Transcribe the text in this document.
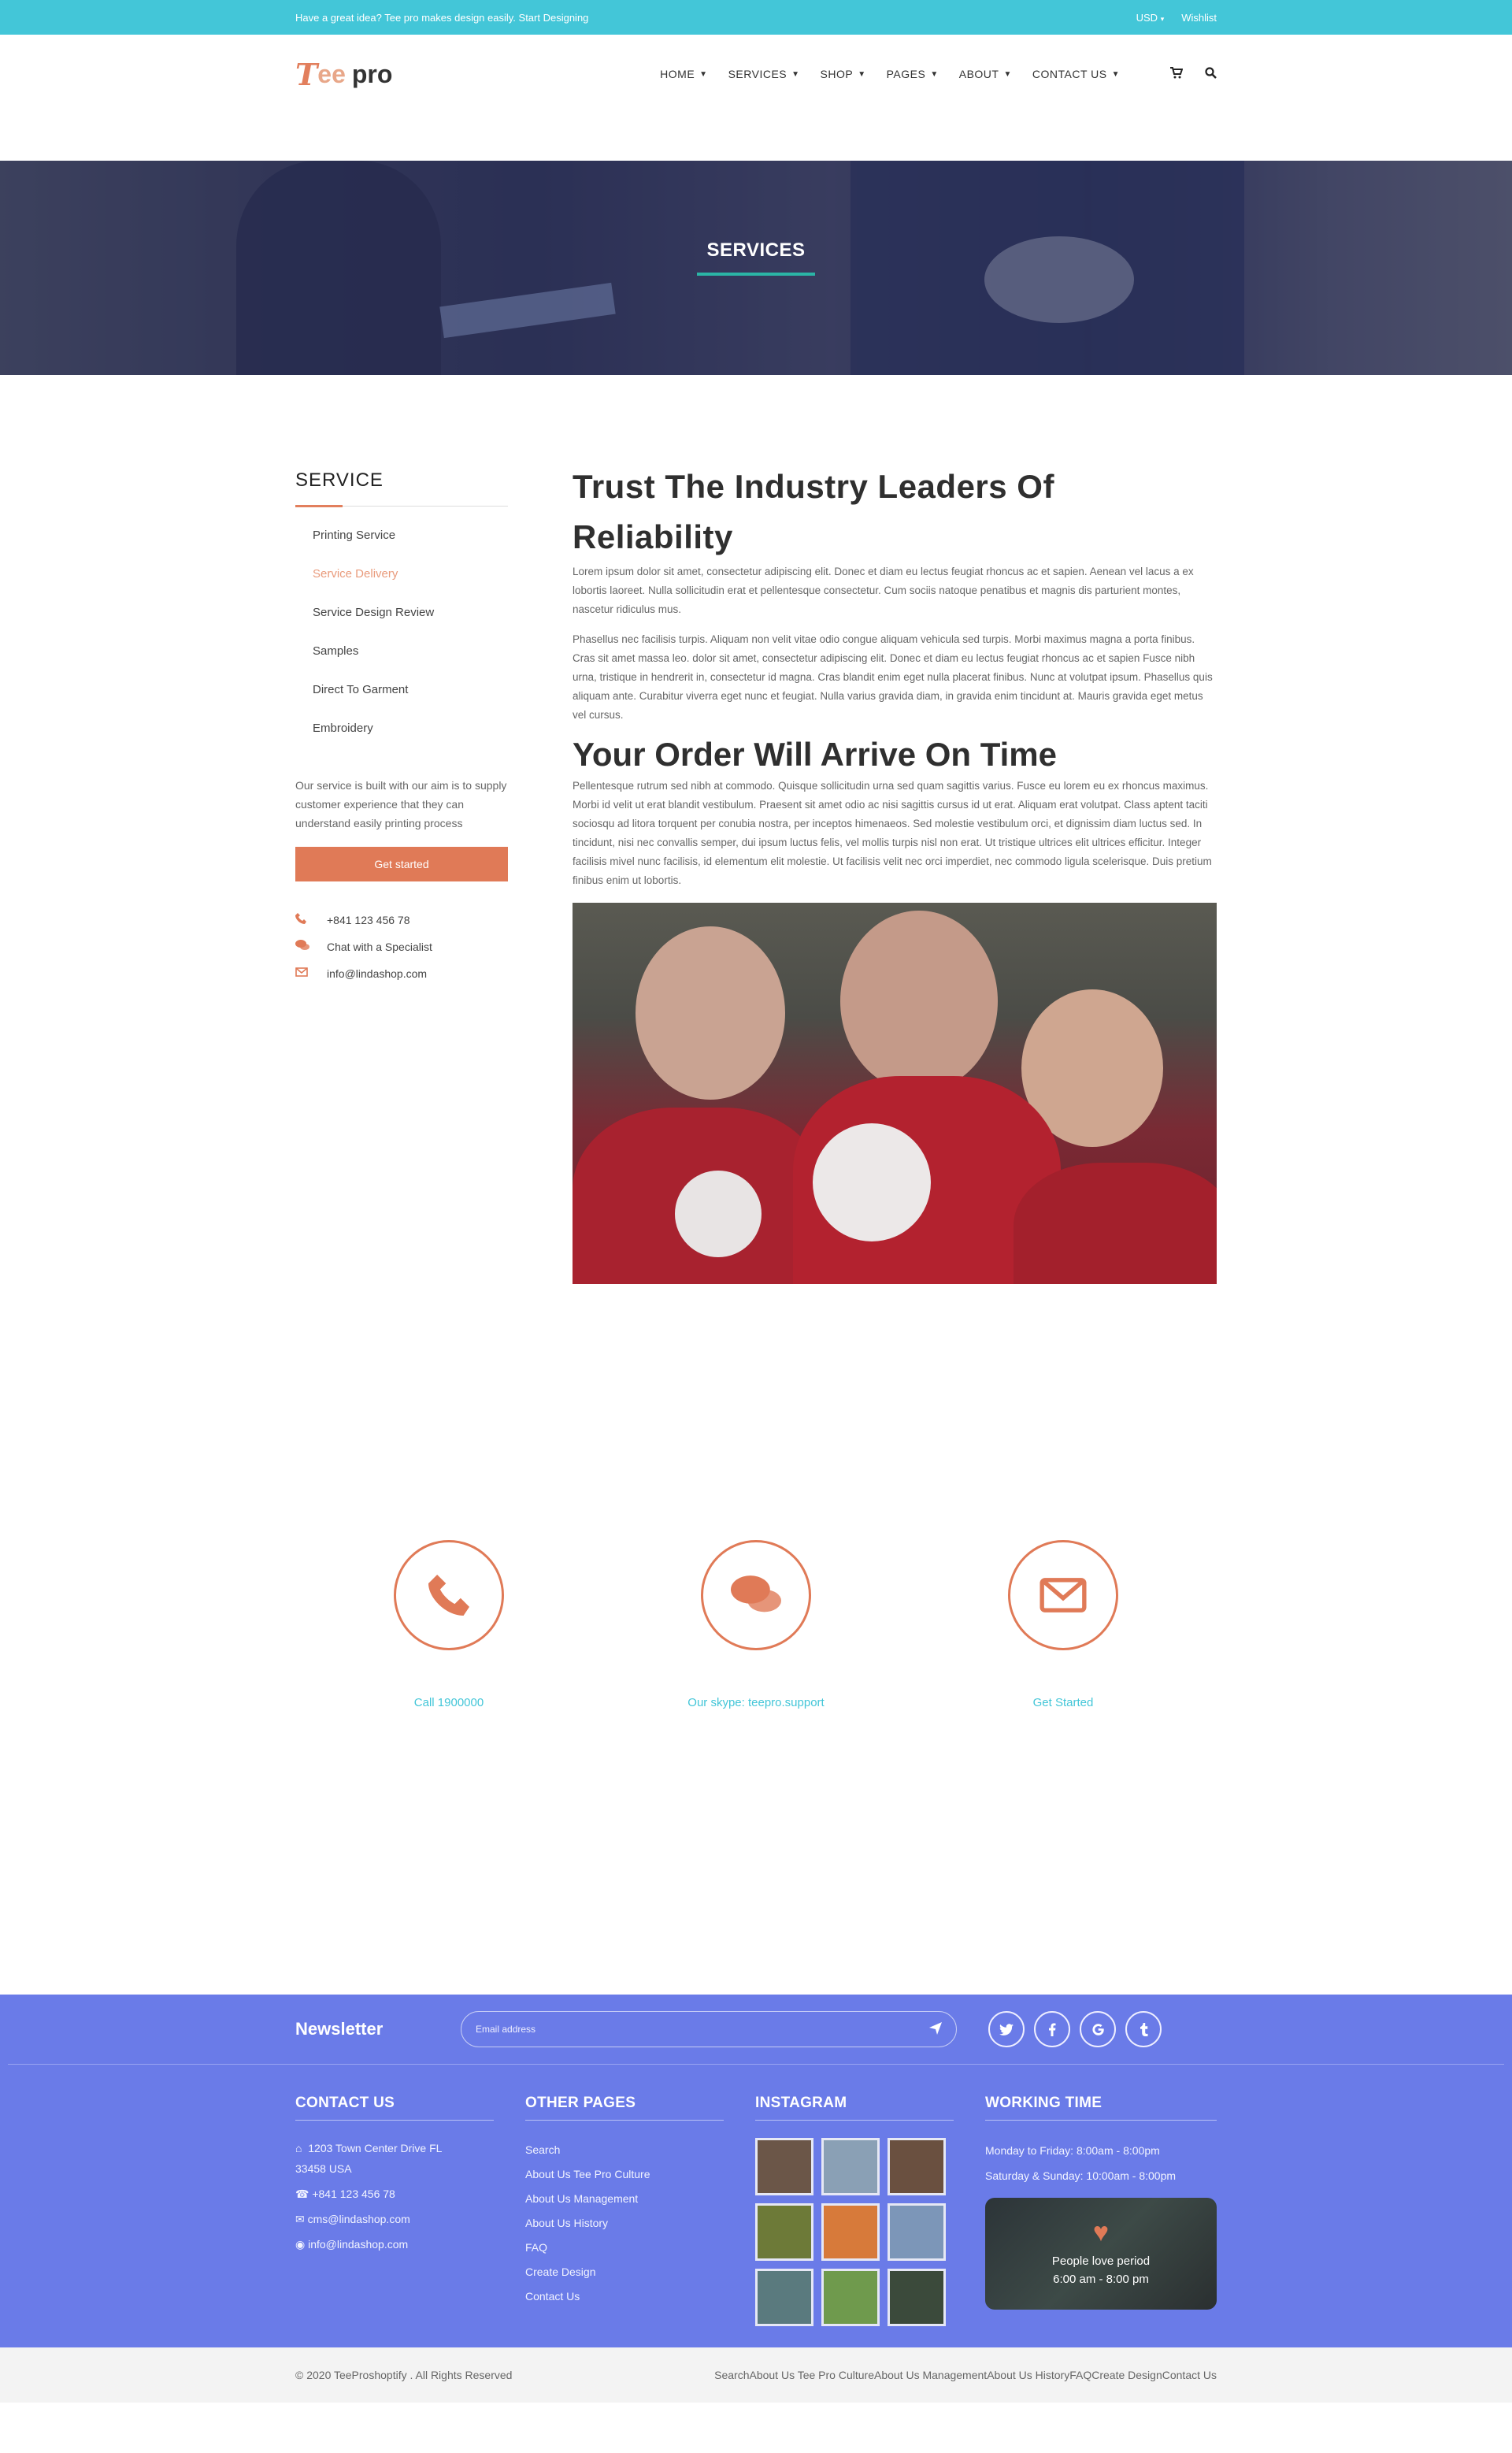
Have a great idea? Tee pro makes design easily. Start Designing	USD ▾ Wishlist
T ee pro	HOME ▼ SERVICES ▼ SHOP ▼ PAGES ▼ ABOUT ▼ CONTACT US ▼
SERVICES
SERVICE
Printing Service
Service Delivery
Service Design Review
Samples
Direct To Garment
Embroidery

Our service is built with our aim is to supply customer experience that they can understand easily printing process

Get started
+841 123 456 78
Chat with a Specialist
info@lindashop.com
Trust The Industry Leaders Of Reliability

Lorem ipsum dolor sit amet, consectetur adipiscing elit. Donec et diam eu lectus feugiat rhoncus ac et sapien. Aenean vel lacus a ex lobortis laoreet. Nulla sollicitudin erat et pellentesque consectetur. Cum sociis natoque penatibus et magnis dis parturient montes, nascetur ridiculus mus.

Phasellus nec facilisis turpis. Aliquam non velit vitae odio congue aliquam vehicula sed turpis. Morbi maximus magna a porta finibus. Cras sit amet massa leo. dolor sit amet, consectetur adipiscing elit. Donec et diam eu lectus feugiat rhoncus ac et sapien Fusce nibh urna, tristique in hendrerit in, consectetur id magna. Cras blandit enim eget nulla placerat finibus. Nunc at volutpat ipsum. Phasellus quis aliquam ante. Curabitur viverra eget nunc et feugiat. Nulla varius gravida diam, in gravida enim tincidunt at. Mauris gravida eget metus vel cursus.

Your Order Will Arrive On Time

Pellentesque rutrum sed nibh at commodo. Quisque sollicitudin urna sed quam sagittis varius. Fusce eu lorem eu ex rhoncus maximus. Morbi id velit ut erat blandit vestibulum. Praesent sit amet odio ac nisi sagittis cursus id ut erat. Aliquam erat volutpat. Class aptent taciti sociosqu ad litora torquent per conubia nostra, per inceptos himenaeos. Sed molestie vestibulum orci, et dignissim diam luctus sed. In tincidunt, nisi nec convallis semper, dui ipsum luctus felis, vel mollis turpis nisl non erat. Ut tristique ultrices elit ultrices efficitur. Integer facilisis mivel nunc facilisis, id elementum elit molestie. Ut facilisis velit nec orci imperdiet, nec commodo ligula scelerisque. Duis pretium finibus enim ut lobortis.

Call 1900000	Our skype: teepro.support	Get Started
Newsletter	Email address
CONTACT US
⌂ 1203 Town Center Drive FL
33458 USA
☎ +841 123 456 78
✉ cms@lindashop.com
◉ info@lindashop.com
OTHER PAGES
Search
About Us Tee Pro Culture
About Us Management
About Us History
FAQ
Create Design
Contact Us
INSTAGRAM	WORKING TIME
Monday to Friday: 8:00am - 8:00pm
Saturday & Sunday: 10:00am - 8:00pm
♥
People love period
6:00 am - 8:00 pm
© 2020 TeeProshoptify . All Rights Reserved	Search About Us Tee Pro Culture About Us Management About Us History FAQ Create Design Contact Us
